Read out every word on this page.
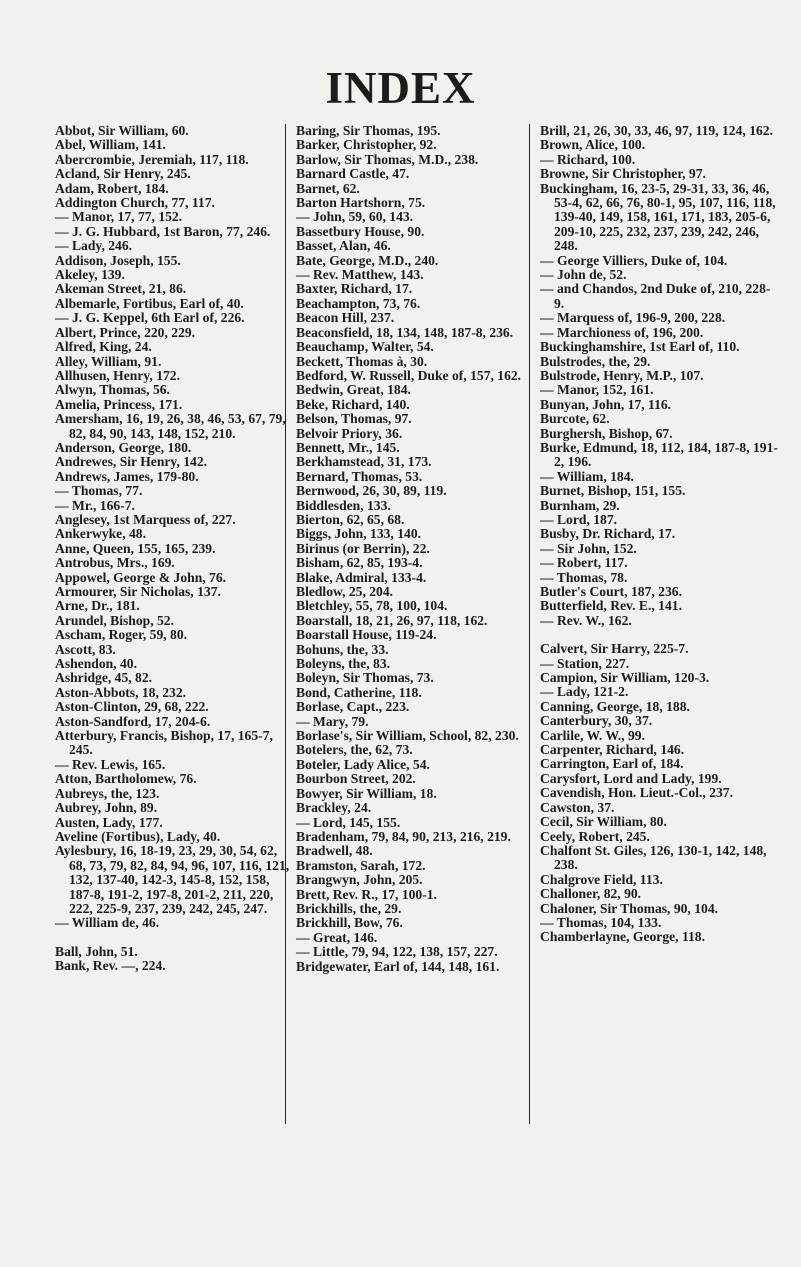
INDEX
Abbot, Sir William, 60.
Abel, William, 141.
Abercrombie, Jeremiah, 117, 118.
Acland, Sir Henry, 245.
Adam, Robert, 184.
Addington Church, 77, 117.
— Manor, 17, 77, 152.
— J. G. Hubbard, 1st Baron, 77, 246.
— Lady, 246.
Addison, Joseph, 155.
Akeley, 139.
Akeman Street, 21, 86.
Albemarle, Fortibus, Earl of, 40.
— J. G. Keppel, 6th Earl of, 226.
Albert, Prince, 220, 229.
Alfred, King, 24.
Alley, William, 91.
Allhusen, Henry, 172.
Alwyn, Thomas, 56.
Amelia, Princess, 171.
Amersham, 16, 19, 26, 38, 46, 53, 67, 79, 82, 84, 90, 143, 148, 152, 210.
Anderson, George, 180.
Andrewes, Sir Henry, 142.
Andrews, James, 179-80.
— Thomas, 77.
— Mr., 166-7.
Anglesey, 1st Marquess of, 227.
Ankerwyke, 48.
Anne, Queen, 155, 165, 239.
Antrobus, Mrs., 169.
Appowel, George & John, 76.
Armourer, Sir Nicholas, 137.
Arne, Dr., 181.
Arundel, Bishop, 52.
Ascham, Roger, 59, 80.
Ascott, 83.
Ashendon, 40.
Ashridge, 45, 82.
Aston-Abbots, 18, 232.
Aston-Clinton, 29, 68, 222.
Aston-Sandford, 17, 204-6.
Atterbury, Francis, Bishop, 17, 165-7, 245.
— Rev. Lewis, 165.
Atton, Bartholomew, 76.
Aubreys, the, 123.
Aubrey, John, 89.
Austen, Lady, 177.
Aveline (Fortibus), Lady, 40.
Aylesbury, 16, 18-19, 23, 29, 30, 54, 62, 68, 73, 79, 82, 84, 94, 96, 107, 116, 121, 132, 137-40, 142-3, 145-8, 152, 158, 187-8, 191-2, 197-8, 201-2, 211, 220, 222, 225-9, 237, 239, 242, 245, 247.
— William de, 46.
Ball, John, 51.
Bank, Rev. —, 224.
Baring, Sir Thomas, 195.
Barker, Christopher, 92.
Barlow, Sir Thomas, M.D., 238.
Barnard Castle, 47.
Barnet, 62.
Barton Hartshorn, 75.
— John, 59, 60, 143.
Bassetbury House, 90.
Basset, Alan, 46.
Bate, George, M.D., 240.
— Rev. Matthew, 143.
Baxter, Richard, 17.
Beachampton, 73, 76.
Beacon Hill, 237.
Beaconsfield, 18, 134, 148, 187-8, 236.
Beauchamp, Walter, 54.
Beckett, Thomas à, 30.
Bedford, W. Russell, Duke of, 157, 162.
Bedwin, Great, 184.
Beke, Richard, 140.
Belson, Thomas, 97.
Belvoir Priory, 36.
Bennett, Mr., 145.
Berkhamstead, 31, 173.
Bernard, Thomas, 53.
Bernwood, 26, 30, 89, 119.
Biddlesden, 133.
Bierton, 62, 65, 68.
Biggs, John, 133, 140.
Birinus (or Berrin), 22.
Bisham, 62, 85, 193-4.
Blake, Admiral, 133-4.
Bledlow, 25, 204.
Bletchley, 55, 78, 100, 104.
Boarstall, 18, 21, 26, 97, 118, 162.
Boarstall House, 119-24.
Bohuns, the, 33.
Boleyns, the, 83.
Boleyn, Sir Thomas, 73.
Bond, Catherine, 118.
Borlase, Capt., 223.
— Mary, 79.
Borlase's, Sir William, School, 82, 230.
Botelers, the, 62, 73.
Boteler, Lady Alice, 54.
Bourbon Street, 202.
Bowyer, Sir William, 18.
Brackley, 24.
— Lord, 145, 155.
Bradenham, 79, 84, 90, 213, 216, 219.
Bradwell, 48.
Bramston, Sarah, 172.
Brangwyn, John, 205.
Brett, Rev. R., 17, 100-1.
Brickhills, the, 29.
Brickhill, Bow, 76.
— Great, 146.
— Little, 79, 94, 122, 138, 157, 227.
Bridgewater, Earl of, 144, 148, 161.
Brill, 21, 26, 30, 33, 46, 97, 119, 124, 162.
Brown, Alice, 100.
— Richard, 100.
Browne, Sir Christopher, 97.
Buckingham, 16, 23-5, 29-31, 33, 36, 46, 53-4, 62, 66, 76, 80-1, 95, 107, 116, 118, 139-40, 149, 158, 161, 171, 183, 205-6, 209-10, 225, 232, 237, 239, 242, 246, 248.
— George Villiers, Duke of, 104.
— John de, 52.
— and Chandos, 2nd Duke of, 210, 228-9.
— Marquess of, 196-9, 200, 228.
— Marchioness of, 196, 200.
Buckinghamshire, 1st Earl of, 110.
Bulstrodes, the, 29.
Bulstrode, Henry, M.P., 107.
— Manor, 152, 161.
Bunyan, John, 17, 116.
Burcote, 62.
Burghersh, Bishop, 67.
Burke, Edmund, 18, 112, 184, 187-8, 191-2, 196.
— William, 184.
Burnet, Bishop, 151, 155.
Burnham, 29.
— Lord, 187.
Busby, Dr. Richard, 17.
— Sir John, 152.
— Robert, 117.
— Thomas, 78.
Butler's Court, 187, 236.
Butterfield, Rev. E., 141.
— Rev. W., 162.
Calvert, Sir Harry, 225-7.
— Station, 227.
Campion, Sir William, 120-3.
— Lady, 121-2.
Canning, George, 18, 188.
Canterbury, 30, 37.
Carlile, W. W., 99.
Carpenter, Richard, 146.
Carrington, Earl of, 184.
Carysfort, Lord and Lady, 199.
Cavendish, Hon. Lieut.-Col., 237.
Cawston, 37.
Cecil, Sir William, 80.
Ceely, Robert, 245.
Chalfont St. Giles, 126, 130-1, 142, 148, 238.
Chalgrove Field, 113.
Challoner, 82, 90.
Chaloner, Sir Thomas, 90, 104.
— Thomas, 104, 133.
Chamberlayne, George, 118.
